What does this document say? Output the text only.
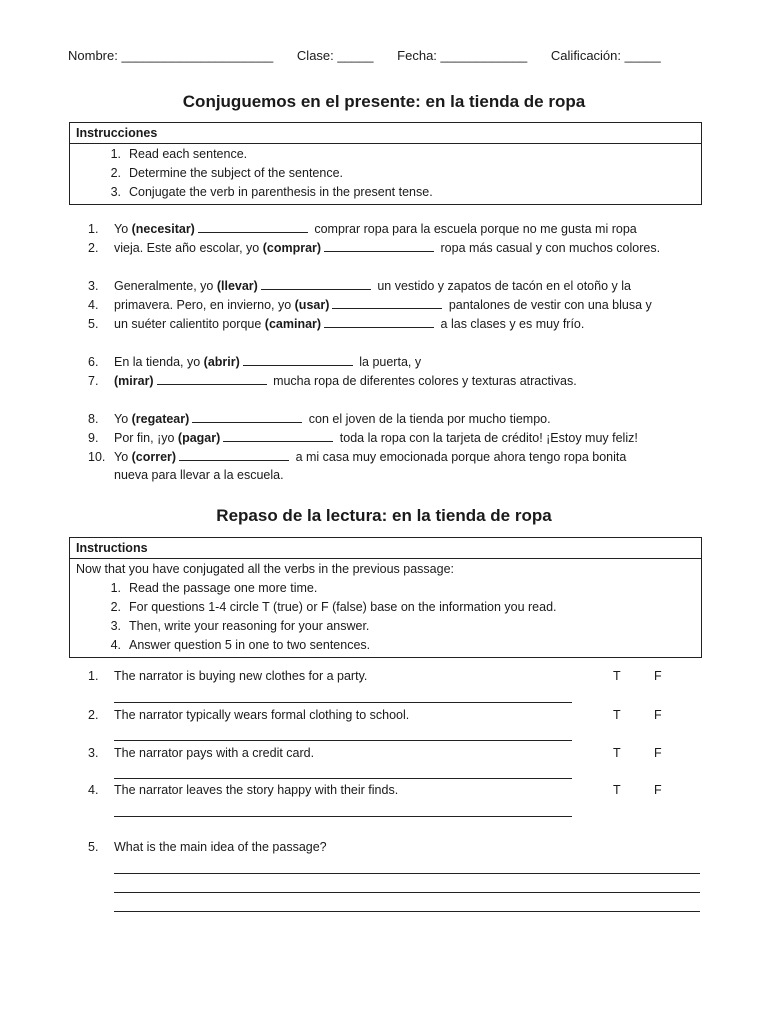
Nombre: _____________________ Clase: _____ Fecha: ____________ Calificación: _____
Conjuguemos en el presente: en la tienda de ropa
Instrucciones
1. Read each sentence.
2. Determine the subject of the sentence.
3. Conjugate the verb in parenthesis in the present tense.
1. Yo (necesitar)	comprar ropa para la escuela porque no me gusta mi ropa
2. vieja. Este año escolar, yo (comprar)	ropa más casual y con muchos colores.
3. Generalmente, yo (llevar)	un vestido y zapatos de tacón en el otoño y la
4. primavera. Pero, en invierno, yo (usar)	pantalones de vestir con una blusa y
5. un suéter calientito porque (caminar)	a las clases y es muy frío.
6. En la tienda, yo (abrir)	la puerta, y
7. (mirar)	mucha ropa de diferentes colores y texturas atractivas.
8. Yo (regatear)	con el joven de la tienda por mucho tiempo.
9. Por fin, ¡yo (pagar)	toda la ropa con la tarjeta de crédito! ¡Estoy muy feliz!
10. Yo (correr)	a mi casa muy emocionada porque ahora tengo ropa bonita
nueva para llevar a la escuela.
Repaso de la lectura: en la tienda de ropa
Instructions
Now that you have conjugated all the verbs in the previous passage:
1. Read the passage one more time.
2. For questions 1-4 circle T (true) or F (false) base on the information you read.
3. Then, write your reasoning for your answer.
4. Answer question 5 in one to two sentences.
1. The narrator is buying new clothes for a party.	T	F
2. The narrator typically wears formal clothing to school.	T	F
3. The narrator pays with a credit card.	T	F
4. The narrator leaves the story happy with their finds.	T	F
5. What is the main idea of the passage?
